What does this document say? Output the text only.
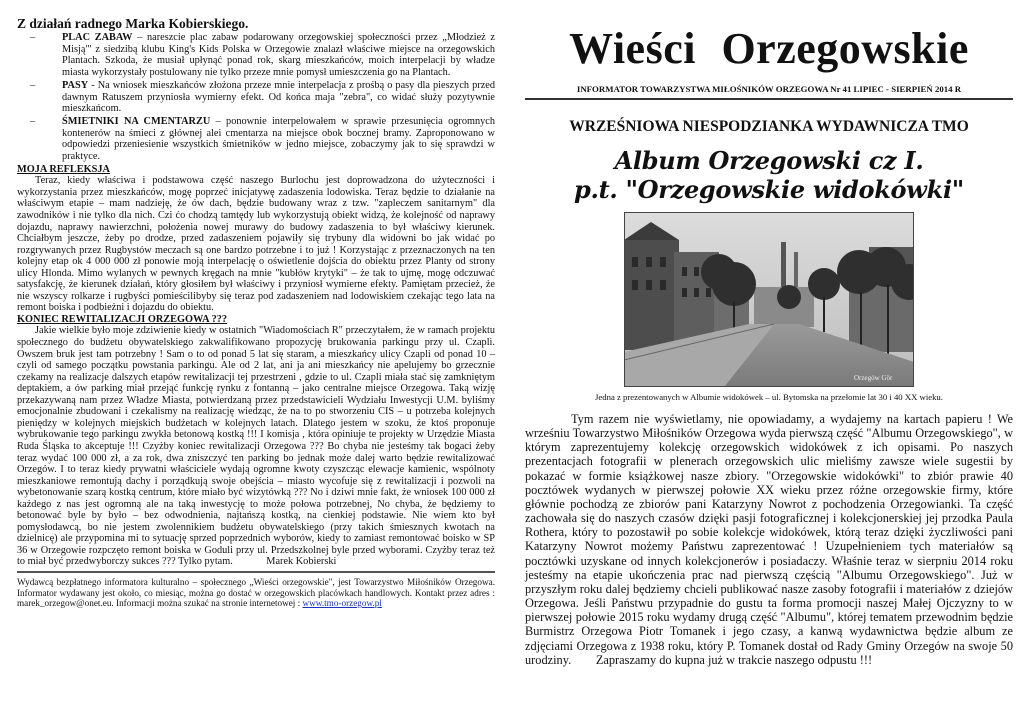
Z działań radnego Marka Kobierskiego.
–	PLAC ZABAW – nareszcie plac zabaw podarowany orzegowskiej społeczności przez „Młodzież z Misją"' z siedzibą klubu King's Kids Polska w Orzegowie znalazł właściwe miejsce na orzegowskich Plantach. Szkoda, że musiał upłynąć ponad rok, skarg mieszkańców, moich interpelacji by władze miasta wykorzystały postulowany nie tylko przeze mnie pomysł umieszczenia go na Plantach.
–	PASY - Na wniosek mieszkańców złożona przeze mnie interpelacja z prośbą o pasy dla pieszych przed dawnym Ratuszem przyniosła wymierny efekt. Od końca maja "zebra", co widać służy pozytywnie mieszkańcom.
–	ŚMIETNIKI NA CMENTARZU – ponownie interpelowałem w sprawie przesunięcia ogromnych kontenerów na śmieci z głównej alei cmentarza na miejsce obok bocznej bramy. Zaproponowano w odpowiedzi przeniesienie wszystkich śmietników w jedno miejsce, zobaczymy jak to się sprawdzi w praktyce.
MOJA REFLEKSJA

Teraz, kiedy właściwa i podstawowa część naszego Burlochu jest doprowadzona do użyteczności i wykorzystania przez mieszkańców, mogę poprzeć inicjatywę zadaszenia lodowiska. Teraz będzie to działanie na właściwym etapie – mam nadzieję, że ów dach, będzie budowany wraz z tzw. "zapleczem sanitarnym" dla zawodników i nie tylko dla nich. Czi ćo chodzą tamtędy lub wykorzystują obiekt widzą, że kolejność od naprawy dojazdu, naprawy nawierzchni, położenia nowej murawy do budowy zadaszenia to był właściwy kierunek. Chciałbym jeszcze, żeby po drodze, przed zadaszeniem pojawiły się trybuny dla widowni bo jak widać po rozgrywanych przez Rugbystów meczach są one bardzo potrzebne i to już ! Korzystając z przeznaczonych na ten kolejny etap ok 4 000 000 zł ponowie moją interpelację o oświetlenie dojścia do obiektu przez Planty od strony ulicy Hlonda. Mimo wylanych w pewnych kręgach na mnie "kubłów krytyki" – że tak to ujmę, mogę odczuwać satysfakcję, że kierunek działań, który głosiłem był właściwy i przyniosł wymierne efekty. Pamiętam przecież, że nie wszyscy rolkarze i rugbyści pomieścilibyby się teraz pod zadaszeniem nad lodowiskiem czekając tego lata na remont boiska i podbieżni i dojazdu do obiektu.

KONIEC REWITALIZACJI ORZEGOWA ???

Jakie wielkie było moje zdziwienie kiedy w ostatnich "Wiadomościach R" przeczytałem, że w ramach projektu społecznego do budżetu obywatelskiego zakwalifikowano propozycję brukowania parkingu przy ul. Czapli. Owszem bruk jest tam potrzebny ! Sam o to od ponad 5 lat się staram, a mieszkańcy ulicy Czapli od ponad 10 – czyli od samego początku powstania parkingu. Ale od 2 lat, ani ja ani mieszkańcy nie apelujemy bo grzecznie czekamy na realizacje dalszych etapów rewitalizacji tej przestrzeni , gdzie to ul. Czapli miała stać się zamkniętym deptakiem, a ów parking miał przejąć funkcję rynku z fontanną – jako centralne miejsce Orzegowa. Taką wizję przekazywaną nam przez Władze Miasta, potwierdzaną przez przedstawicieli Wydziału Inwestycji U.M. byliśmy emocjonalnie zbudowani i czekalismy na realizację wiedząc, że na to po stworzeniu CIS – u potrzeba kolejnych pieniędzy w kolejnych miejskich budżetach w kolejnych latach. Dlatego jestem w szoku, że ktoś proponuje wybrukowanie tego parkingu zwykła betonową kostką !!! I komisja , która opiniuje te projekty w Urzędzie Miasta Ruda Śląska to akceptuje !!! Czyżby koniec rewitalizacji Orzegowa ??? Bo chyba nie jesteśmy tak bogaci żeby teraz wydać 100 000 zł, a za rok, dwa zniszczyć ten parking bo jednak może dalej warto będzie rewitalizować Orzegów. I to teraz kiedy prywatni właściciele wydają ogromne kwoty czyszcząc elewacje kamienic, wspólnoty mieszkaniowe remontują dachy i porządkują swoje obejścia – miasto wycofuje się z rewitalizacji i pozwoli na wybetonowanie szarą kostką centrum, które miało być wizytówką ??? No i dziwi mnie fakt, że wniosek 100 000 zł każdego z nas jest ogromną ale na taką inwestycję to może połowa potrzebnej, No chyba, że będziemy to betonować byle by było – bez odwodnienia, najtańszą kostką, na cienkiej podstawie. Nie wiem kto był pomysłodawcą, bo nie jestem zwolennikiem budżetu obywatelskiego (przy takich śmiesznych kwotach na dzielnicę) ale przypomina mi to sytuację sprzed poprzednich wyborów, kiedy to zamiast remontować boisko w SP 36 w Orzegowie rozpczęto remont boiska w Goduli przy ul. Przedszkolnej byle przed wyborami. Czyżby teraz też to miał być przedwyborczy sukces ??? Tylko pytam.	Marek Kobierski

Wydawcą bezpłatnego informatora kulturalno – społecznego „Wieści orzegowskie", jest Towarzystwo Miłośników Orzegowa. Informator wydawany jest około, co miesiąc, można go dostać w orzegowskich placówkach handlowych. Kontakt przez adres : marek_orzegow@onet.eu. Informacji można szukać na stronie internetowej : www.tmo-orzegow.pl

Wieści Orzegowskie
INFORMATOR TOWARZYSTWA MIŁOŚNIKÓW ORZEGOWA Nr 41 LIPIEC - SIERPIEŃ 2014 R
WRZEŚNIOWA NIESPODZIANKA WYDAWNICZA TMO
Album Orzegowski cz I.
p.t. "Orzegowskie widokówki"
Orzegów Gör
Jedna z prezentowanych w Albumie widokówek – ul. Bytomska na przełomie lat 30 i 40 XX wieku.

Tym razem nie wyświetlamy, nie opowiadamy, a wydajemy na kartach papieru ! We wrześniu Towarzystwo Miłośników Orzegowa wyda pierwszą część "Albumu Orzegowskiego", w którym zaprezentujemy kolekcję orzegowskich widokówek z ich opisami. Po naszych prezentacjach fotografii w plenerach orzegowskich ulic mieliśmy zawsze wiele sugestii by pokazać w formie książkowej nasze zbiory. "Orzegowskie widokówki" to zbiór prawie 40 pocztówek wydanych w pierwszej połowie XX wieku przez różne orzegowskie firmy, które głównie pochodzą ze zbiorów pani Katarzyny Nowrot z pochodzenia Orzegowianki. Ta część zachowała się do naszych czasów dzięki pasji fotograficznej i kolekcjonerskiej jej przodka Paula Rothera, który to pozostawił po sobie kolekcje widokówek, którą teraz dzięki życzliwości pani Katarzyny Nowrot możemy Państwu zaprezentować ! Uzupełnieniem tych materiałów są pocztówki uzyskane od innych kolekcjonerów i posiadaczy. Właśnie teraz w sierpniu 2014 roku jesteśmy na etapie ukończenia prac nad pierwszą częścią "Albumu Orzegowskiego". Już w przyszłym roku dalej będziemy chcieli publikować nasze zasoby fotografii i materiałów z dziejów Orzegowa. Jeśli Państwu przypadnie do gustu ta forma promocji naszej Małej Ojczyzny to w pierwszej połowie 2015 roku wydamy drugą część "Albumu", której tematem przewodnim będzie Burmistrz Orzegowa Piotr Tomanek i jego czasy, a kanwą wydawnictwa będzie album ze zdjęciami Orzegowa z 1938 roku, który P. Tomanek dostał od Rady Gminy Orzegów na swoje 50 urodziny. Zapraszamy do kupna już w trakcie naszego odpustu !!!
